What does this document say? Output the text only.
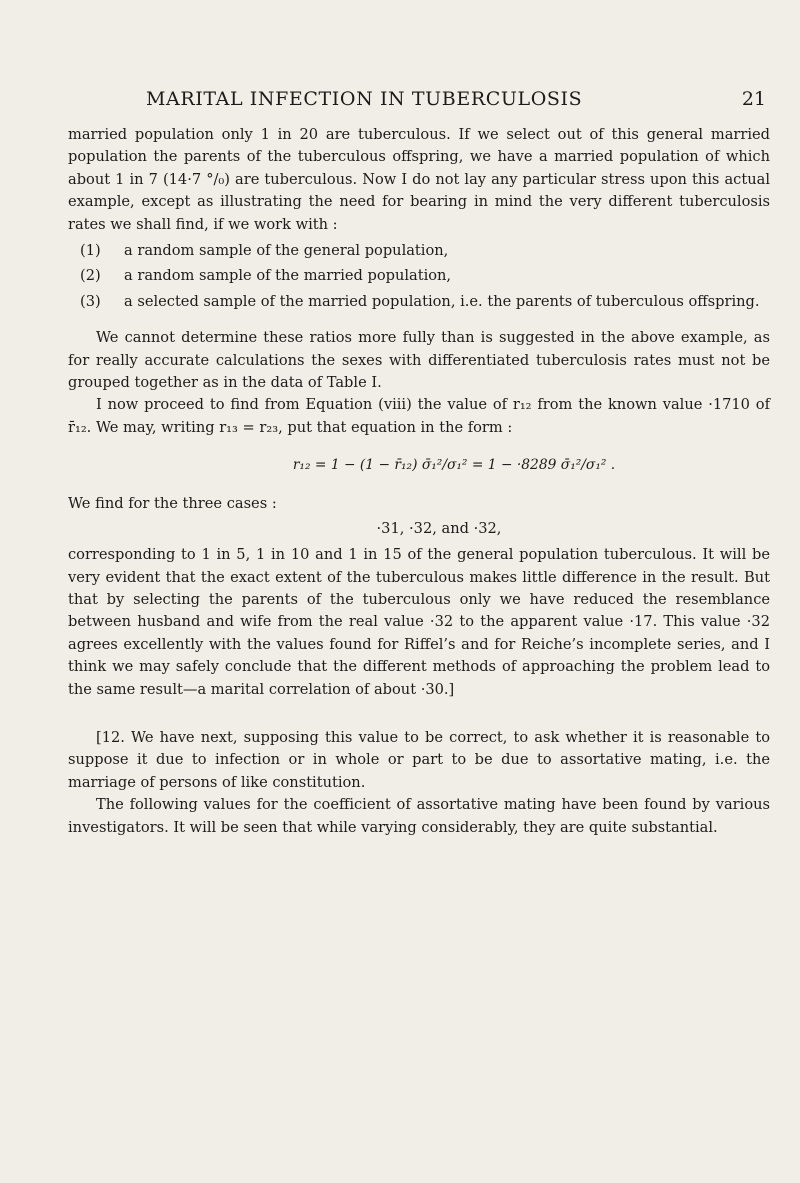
MARITAL INFECTION IN TUBERCULOSIS	21

married population only 1 in 20 are tuberculous. If we select out of this general married population the parents of the tuberculous offspring, we have a married population of which about 1 in 7 (14·7 °/₀) are tuberculous. Now I do not lay any particular stress upon this actual example, except as illustrating the need for bearing in mind the very different tuberculosis rates we shall find, if we work with :

(1)	a random sample of the general population,
(2)	a random sample of the married population,
(3)	a selected sample of the married population, i.e. the parents of tuberculous offspring.

We cannot determine these ratios more fully than is suggested in the above example, as for really accurate calculations the sexes with differentiated tuberculosis rates must not be grouped together as in the data of Table I.

I now proceed to find from Equation (viii) the value of r₁₂ from the known value ·1710 of r̄₁₂. We may, writing r₁₃ = r₂₃, put that equation in the form :

r₁₂ = 1 − (1 − r̄₁₂) σ̄₁²/σ₁² = 1 − ·8289 σ̄₁²/σ₁² .

We find for the three cases :

·31, ·32, and ·32,

corresponding to 1 in 5, 1 in 10 and 1 in 15 of the general population tuberculous. It will be very evident that the exact extent of the tuberculous makes little difference in the result. But that by selecting the parents of the tuberculous only we have reduced the resemblance between husband and wife from the real value ·32 to the apparent value ·17. This value ·32 agrees excellently with the values found for Riffel’s and for Reiche’s incomplete series, and I think we may safely conclude that the different methods of approaching the problem lead to the same result—a marital correlation of about ·30.]

[12. We have next, supposing this value to be correct, to ask whether it is reasonable to suppose it due to infection or in whole or part to be due to assortative mating, i.e. the marriage of persons of like constitution.

The following values for the coefficient of assortative mating have been found by various investigators. It will be seen that while varying considerably, they are quite substantial.
